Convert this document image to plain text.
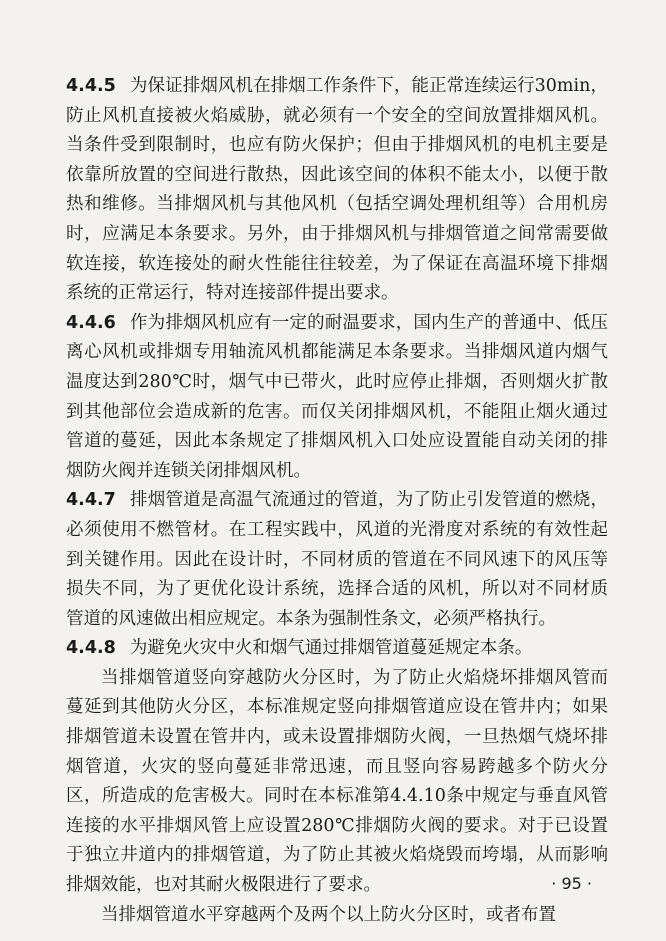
4.4.5 为保证排烟风机在排烟工作条件下，能正常连续运行30min，防止风机直接被火焰威胁，就必须有一个安全的空间放置排烟风机。当条件受到限制时，也应有防火保护；但由于排烟风机的电机主要是依靠所放置的空间进行散热，因此该空间的体积不能太小，以便于散热和维修。当排烟风机与其他风机（包括空调处理机组等）合用机房时，应满足本条要求。另外，由于排烟风机与排烟管道之间常需要做软连接，软连接处的耐火性能往往较差，为了保证在高温环境下排烟系统的正常运行，特对连接部件提出要求。

4.4.6 作为排烟风机应有一定的耐温要求，国内生产的普通中、低压离心风机或排烟专用轴流风机都能满足本条要求。当排烟风道内烟气温度达到280℃时，烟气中已带火，此时应停止排烟，否则烟火扩散到其他部位会造成新的危害。而仅关闭排烟风机，不能阻止烟火通过管道的蔓延，因此本条规定了排烟风机入口处应设置能自动关闭的排烟防火阀并连锁关闭排烟风机。

4.4.7 排烟管道是高温气流通过的管道，为了防止引发管道的燃烧，必须使用不燃管材。在工程实践中，风道的光滑度对系统的有效性起到关键作用。因此在设计时，不同材质的管道在不同风速下的风压等损失不同，为了更优化设计系统，选择合适的风机，所以对不同材质管道的风速做出相应规定。本条为强制性条文，必须严格执行。

4.4.8 为避免火灾中火和烟气通过排烟管道蔓延规定本条。

当排烟管道竖向穿越防火分区时，为了防止火焰烧坏排烟风管而蔓延到其他防火分区，本标准规定竖向排烟管道应设在管井内；如果排烟管道未设置在管井内，或未设置排烟防火阀，一旦热烟气烧坏排烟管道，火灾的竖向蔓延非常迅速，而且竖向容易跨越多个防火分区，所造成的危害极大。同时在本标准第4.4.10条中规定与垂直风管连接的水平排烟风管上应设置280℃排烟防火阀的要求。对于已设置于独立井道内的排烟管道，为了防止其被火焰烧毁而垮塌，从而影响排烟效能，也对其耐火极限进行了要求。

当排烟管道水平穿越两个及两个以上防火分区时，或者布置

· 95 ·
